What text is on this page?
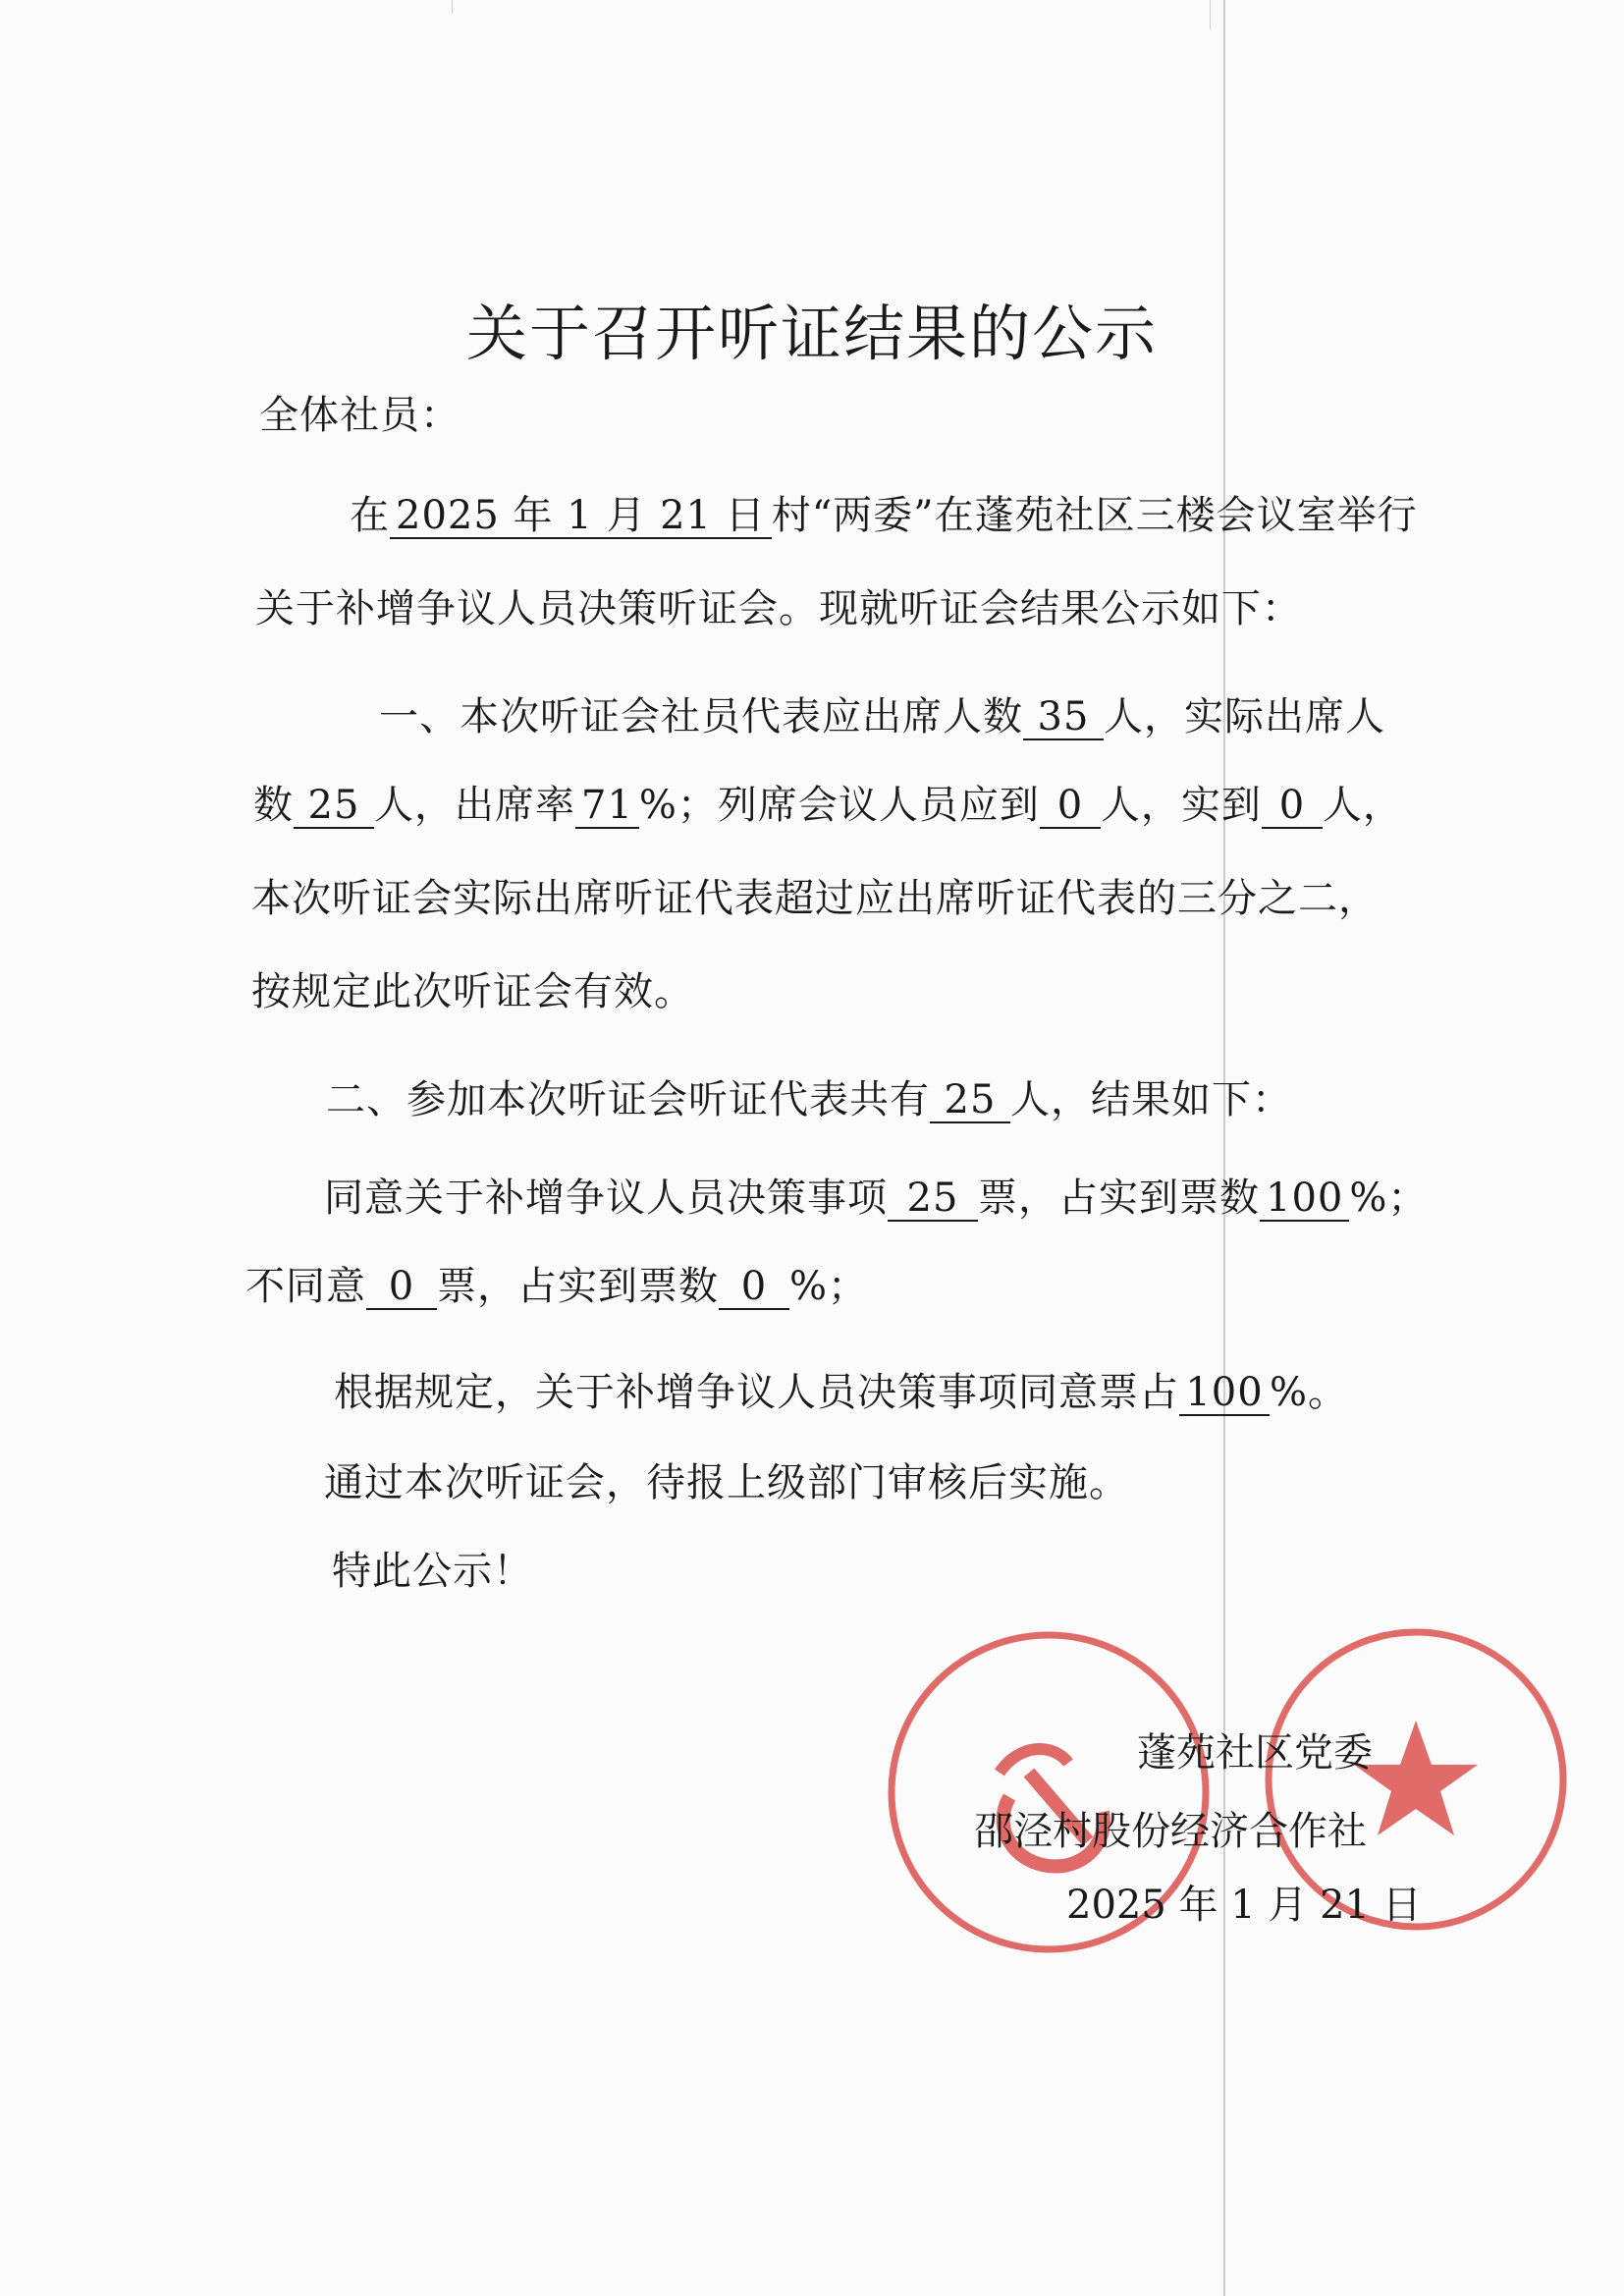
关于召开听证结果的公示
全体社员：
在 2025 年 1 月 21 日 村“两委”在蓬苑社区三楼会议室举行
关于补增争议人员决策听证会。现就听证会结果公示如下：
一、本次听证会社员代表应出席人数 35 人，实际出席人
数 25 人，出席率 71 %；列席会议人员应到 0 人，实到 0 人，
本次听证会实际出席听证代表超过应出席听证代表的三分之二，
按规定此次听证会有效。
二、参加本次听证会听证代表共有 25 人，结果如下：
同意关于补增争议人员决策事项 25 票，占实到票数 100 %；
不同意 0 票，占实到票数 0 %；
根据规定，关于补增争议人员决策事项同意票占 100 %。
通过本次听证会，待报上级部门审核后实施。
特此公示！
蓬苑社区党委
邵泾村股份经济合作社
2025 年 1 月 21 日
